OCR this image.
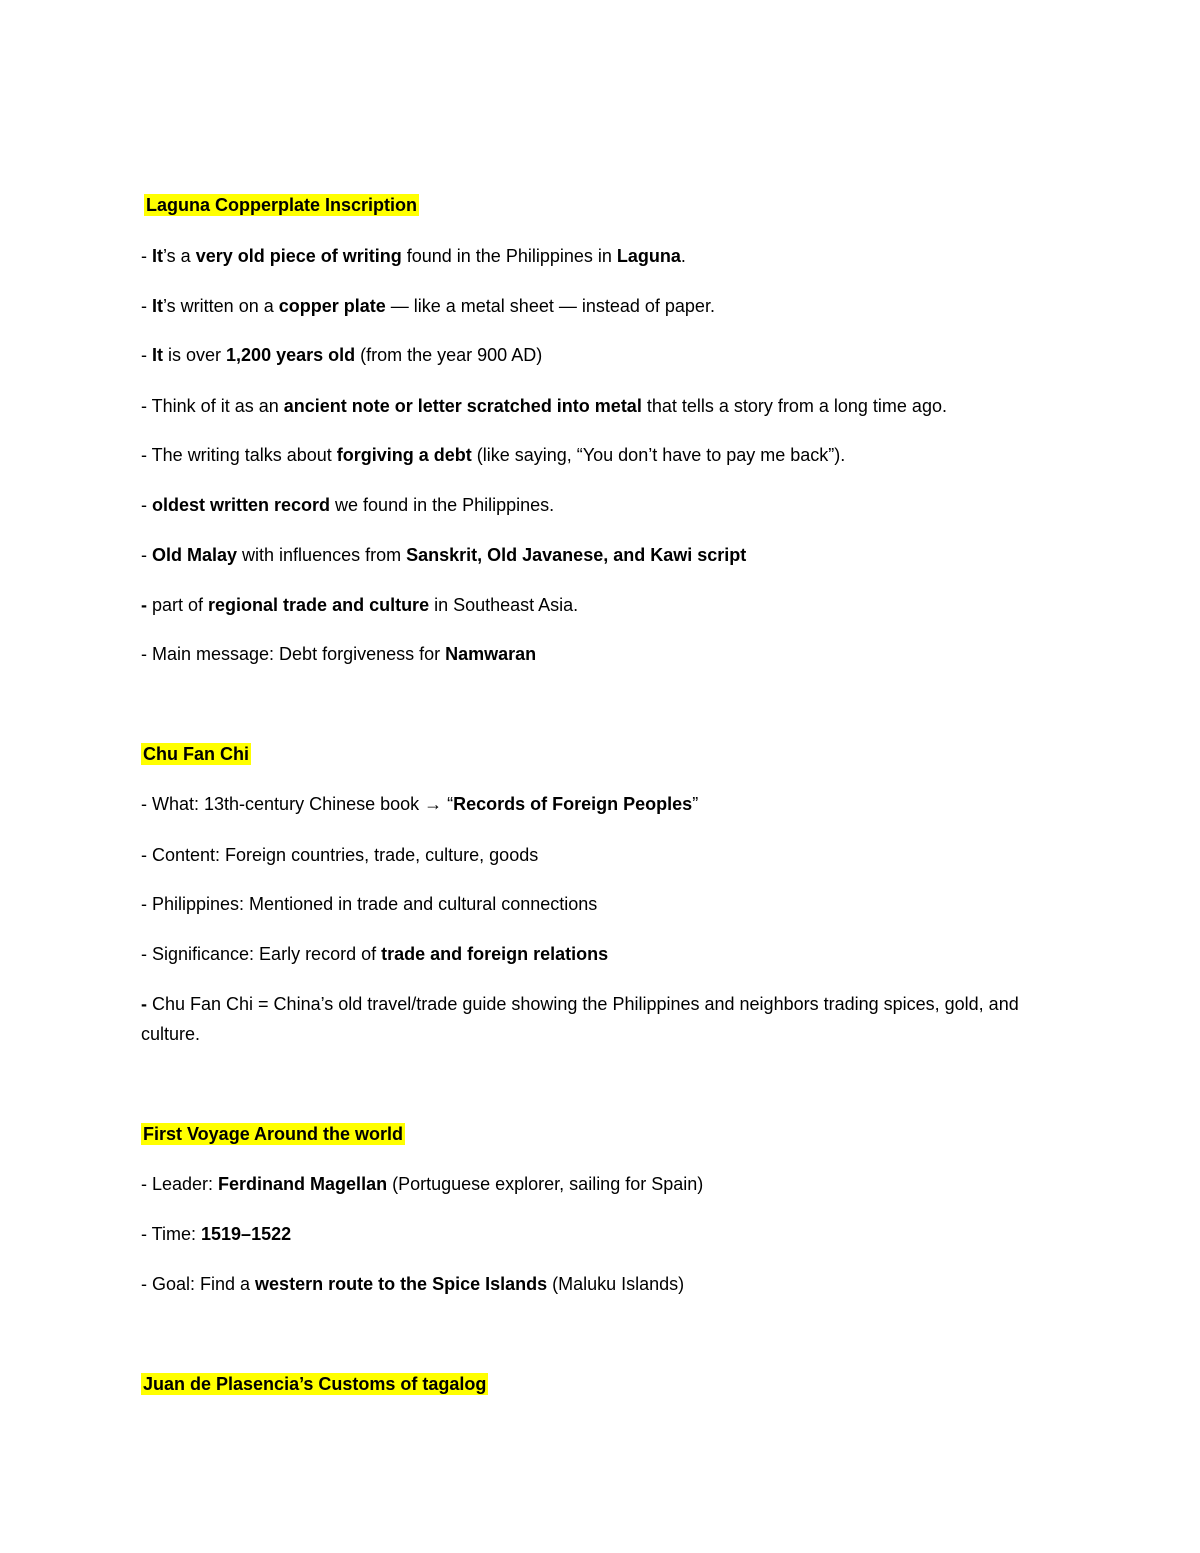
Laguna Copperplate Inscription
- It’s a very old piece of writing found in the Philippines in Laguna.
- It’s written on a copper plate — like a metal sheet — instead of paper.
- It is over 1,200 years old (from the year 900 AD)
- Think of it as an ancient note or letter scratched into metal that tells a story from a long time ago.
- The writing talks about forgiving a debt (like saying, “You don’t have to pay me back”).
- oldest written record we found in the Philippines.
- Old Malay with influences from Sanskrit, Old Javanese, and Kawi script
- part of regional trade and culture in Southeast Asia.
- Main message: Debt forgiveness for Namwaran
Chu Fan Chi
- What: 13th-century Chinese book → “Records of Foreign Peoples”
- Content: Foreign countries, trade, culture, goods
- Philippines: Mentioned in trade and cultural connections
- Significance: Early record of trade and foreign relations
- Chu Fan Chi = China’s old travel/trade guide showing the Philippines and neighbors trading spices, gold, and culture.
First Voyage Around the world
- Leader: Ferdinand Magellan (Portuguese explorer, sailing for Spain)
- Time: 1519–1522
- Goal: Find a western route to the Spice Islands (Maluku Islands)
Juan de Plasencia’s Customs of tagalog
